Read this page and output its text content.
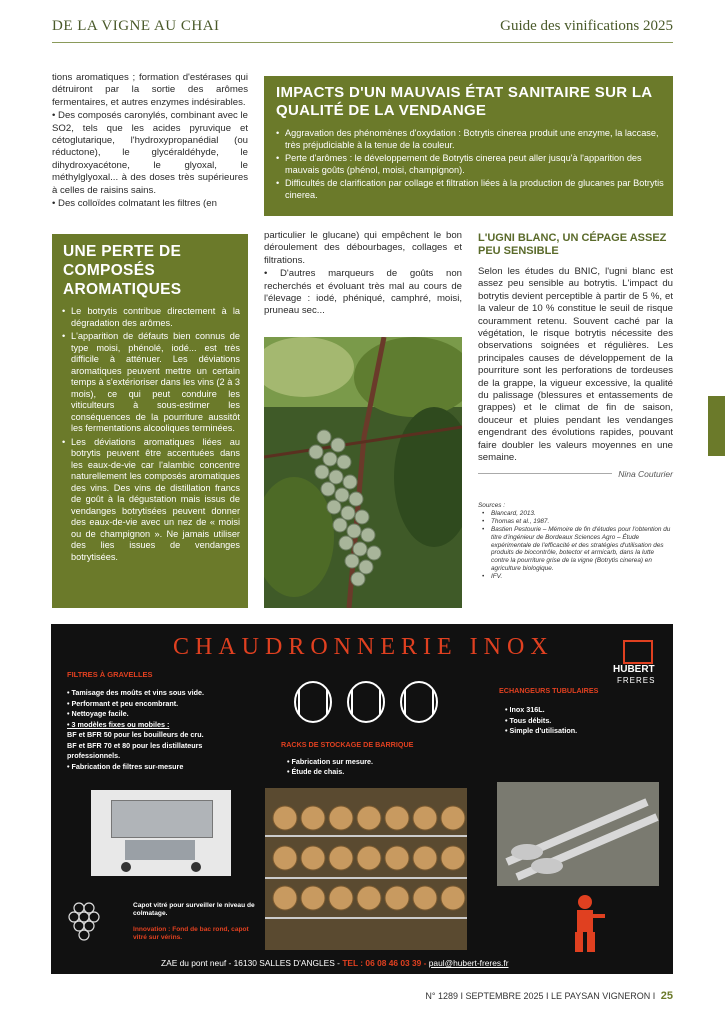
DE LA VIGNE AU CHAI	Guide des vinifications 2025

tions aromatiques ; formation d'estérases qui détruiront par la sortie des arômes fermentaires, et autres enzymes indésirables.

• Des composés caronylés, combinant avec le SO2, tels que les acides pyruvique et cétoglutarique, l'hydroxypropanédial (ou réductone), le glycéraldéhyde, le dihydroxyacétone, le glyoxal, le méthylglyoxal... à des doses très supérieures à celles de raisins sains.

• Des colloïdes colmatant les filtres (en

IMPACTS D'UN MAUVAIS ÉTAT SANITAIRE SUR LA QUALITÉ DE LA VENDANGE
• Aggravation des phénomènes d'oxydation : Botrytis cinerea produit une enzyme, la laccase, très préjudiciable à la tenue de la couleur.
• Perte d'arômes : le développement de Botrytis cinerea peut aller jusqu'à l'apparition des mauvais goûts (phénol, moisi, champignon).
• Difficultés de clarification par collage et filtration liées à la production de glucanes par Botrytis cinerea.
UNE PERTE DE COMPOSÉS AROMATIQUES
• Le botrytis contribue directement à la dégradation des arômes.
• L'apparition de défauts bien connus de type moisi, phénolé, iodé... est très difficile à atténuer. Les déviations aromatiques peuvent mettre un certain temps à s'extérioriser dans les vins (2 à 3 mois), ce qui peut conduire les viticulteurs à sous-estimer les conséquences de la pourriture aussitôt les fermentations alcooliques terminées.
• Les déviations aromatiques liées au botrytis peuvent être accentuées dans les eaux-de-vie car l'alambic concentre naturellement les composés aromatiques des vins. Des vins de distillation francs de goût à la dégustation mais issus de vendanges botrytisées peuvent donner des eaux-de-vie avec un nez de « moisi ou de champignon ». Ne jamais utiliser des lies issues de vendanges botrytisées.

particulier le glucane) qui empêchent le bon déroulement des débourbages, collages et filtrations.

• D'autres marqueurs de goûts non recherchés et évoluant très mal au cours de l'élevage : iodé, phéniqué, camphré, moisi, pruneau sec...

L'UGNI BLANC, UN CÉPAGE ASSEZ PEU SENSIBLE
Selon les études du BNIC, l'ugni blanc est assez peu sensible au botrytis. L'impact du botrytis devient perceptible à partir de 5 %, et la valeur de 10 % constitue le seuil de risque couramment retenu. Souvent caché par la végétation, le risque botrytis nécessite des observations soignées et régulières. Les principales causes de développement de la pourriture sont les perforations de tordeuses de la grappe, la vigueur excessive, la qualité du palissage (blessures et entassements de grappes) et le climat de fin de saison, douceur et pluies pendant les vendanges engendrant des évolutions rapides, pouvant faire doubler les valeurs moyennes en une semaine.
Nina Couturier
Sources :
• Blancard, 2013.
• Thomas et al., 1987.
• Bastien Pestourie – Mémoire de fin d'études pour l'obtention du titre d'ingénieur de Bordeaux Sciences Agro – Étude expérimentale de l'efficacité et des stratégies d'utilisation des produits de biocontrôle, botector et armicarb, dans la lutte contre la pourriture grise de la vigne (Botrytis cinerea) en agriculture biologique.
• IFV.
CHAUDRONNERIE INOX
HUBERT
FRERES
FILTRES À GRAVELLES
• Tamisage des moûts et vins sous vide.
• Performant et peu encombrant.
• Nettoyage facile.
• 3 modèles fixes ou mobiles :
BF et BFR 50 pour les bouilleurs de cru.
BF et BFR 70 et 80 pour les distillateurs professionnels.
• Fabrication de filtres sur-mesure
RACKS DE STOCKAGE DE BARRIQUE
• Fabrication sur mesure.
• Étude de chais.
ECHANGEURS TUBULAIRES
• Inox 316L.
• Tous débits.
• Simple d'utilisation.
Capot vitré pour surveiller le niveau de colmatage.
Innovation : Fond de bac rond, capot vitré sur vérins.
ZAE du pont neuf - 16130 SALLES D'ANGLES - TEL : 06 08 46 03 39 - paul@hubert-freres.fr
N° 1289 I SEPTEMBRE 2025 I LE PAYSAN VIGNERON I 25
